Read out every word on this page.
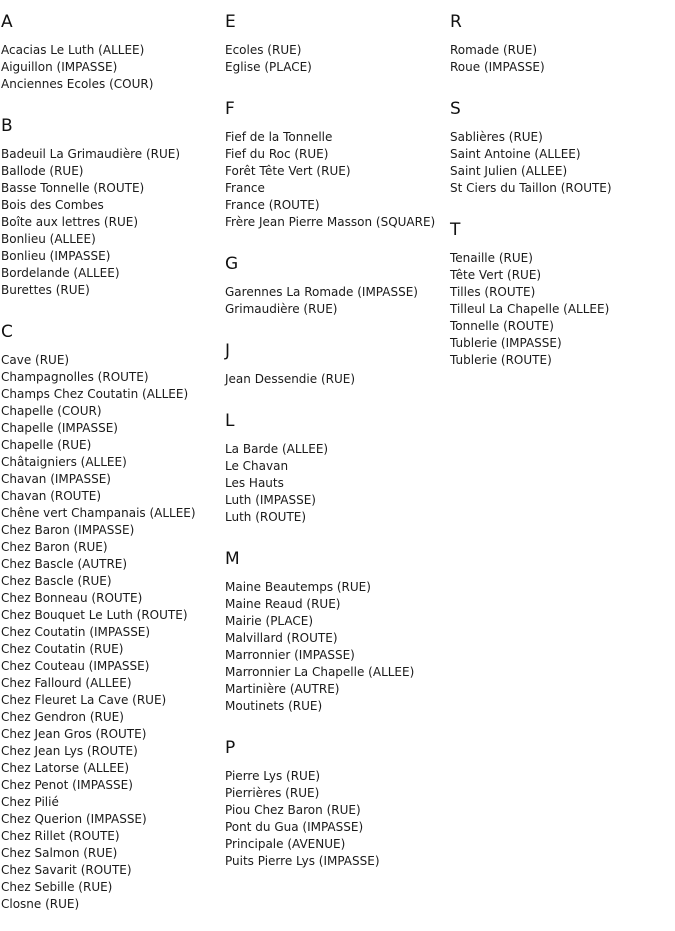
A
Acacias Le Luth (ALLEE)
Aiguillon (IMPASSE)
Anciennes Ecoles (COUR)
B
Badeuil La Grimaudière (RUE)
Ballode (RUE)
Basse Tonnelle (ROUTE)
Bois des Combes
Boîte aux lettres (RUE)
Bonlieu (ALLEE)
Bonlieu (IMPASSE)
Bordelande (ALLEE)
Burettes (RUE)
C
Cave (RUE)
Champagnolles (ROUTE)
Champs Chez Coutatin (ALLEE)
Chapelle (COUR)
Chapelle (IMPASSE)
Chapelle (RUE)
Châtaigniers (ALLEE)
Chavan (IMPASSE)
Chavan (ROUTE)
Chêne vert Champanais (ALLEE)
Chez Baron (IMPASSE)
Chez Baron (RUE)
Chez Bascle (AUTRE)
Chez Bascle (RUE)
Chez Bonneau (ROUTE)
Chez Bouquet Le Luth (ROUTE)
Chez Coutatin (IMPASSE)
Chez Coutatin (RUE)
Chez Couteau (IMPASSE)
Chez Fallourd (ALLEE)
Chez Fleuret La Cave (RUE)
Chez Gendron (RUE)
Chez Jean Gros (ROUTE)
Chez Jean Lys (ROUTE)
Chez Latorse (ALLEE)
Chez Penot (IMPASSE)
Chez Pilié
Chez Querion (IMPASSE)
Chez Rillet (ROUTE)
Chez Salmon (RUE)
Chez Savarit (ROUTE)
Chez Sebille (RUE)
Closne (RUE)
E
Ecoles (RUE)
Eglise (PLACE)
F
Fief de la Tonnelle
Fief du Roc (RUE)
Forêt Tête Vert (RUE)
France
France (ROUTE)
Frère Jean Pierre Masson (SQUARE)
G
Garennes La Romade (IMPASSE)
Grimaudière (RUE)
J
Jean Dessendie (RUE)
L
La Barde (ALLEE)
Le Chavan
Les Hauts
Luth (IMPASSE)
Luth (ROUTE)
M
Maine Beautemps (RUE)
Maine Reaud (RUE)
Mairie (PLACE)
Malvillard (ROUTE)
Marronnier (IMPASSE)
Marronnier La Chapelle (ALLEE)
Martinière (AUTRE)
Moutinets (RUE)
P
Pierre Lys (RUE)
Pierrières (RUE)
Piou Chez Baron (RUE)
Pont du Gua (IMPASSE)
Principale (AVENUE)
Puits Pierre Lys (IMPASSE)
R
Romade (RUE)
Roue (IMPASSE)
S
Sablières (RUE)
Saint Antoine (ALLEE)
Saint Julien (ALLEE)
St Ciers du Taillon (ROUTE)
T
Tenaille (RUE)
Tête Vert (RUE)
Tilles (ROUTE)
Tilleul La Chapelle (ALLEE)
Tonnelle (ROUTE)
Tublerie (IMPASSE)
Tublerie (ROUTE)
